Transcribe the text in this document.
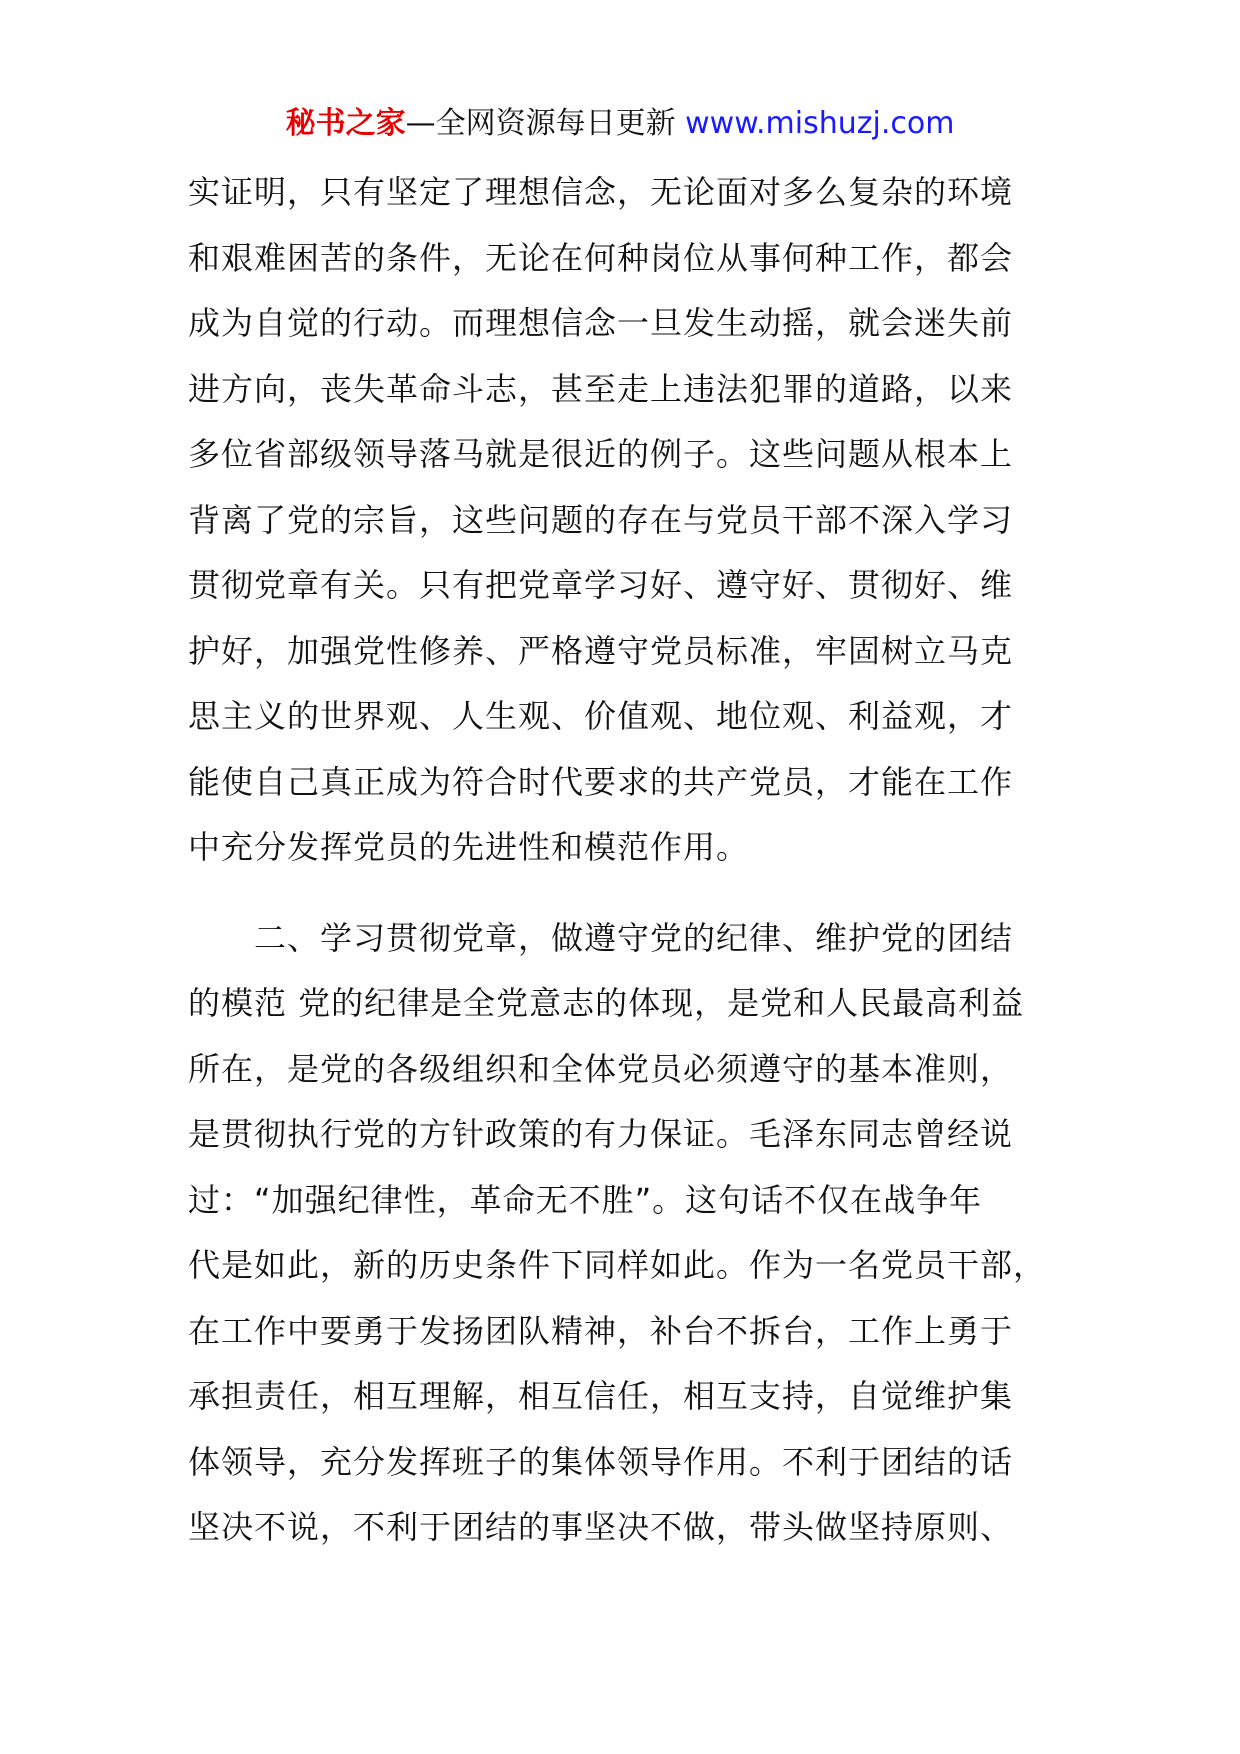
秘书之家—全网资源每日更新 www.mishuzj.com
实证明，只有坚定了理想信念，无论面对多么复杂的环境
和艰难困苦的条件，无论在何种岗位从事何种工作，都会
成为自觉的行动。而理想信念一旦发生动摇，就会迷失前
进方向，丧失革命斗志，甚至走上违法犯罪的道路，以来
多位省部级领导落马就是很近的例子。这些问题从根本上
背离了党的宗旨，这些问题的存在与党员干部不深入学习
贯彻党章有关。只有把党章学习好、遵守好、贯彻好、维
护好，加强党性修养、严格遵守党员标准，牢固树立马克
思主义的世界观、人生观、价值观、地位观、利益观，才
能使自己真正成为符合时代要求的共产党员，才能在工作
中充分发挥党员的先进性和模范作用。
二、学习贯彻党章，做遵守党的纪律、维护党的团结
的模范 党的纪律是全党意志的体现，是党和人民最高利益
所在，是党的各级组织和全体党员必须遵守的基本准则，
是贯彻执行党的方针政策的有力保证。毛泽东同志曾经说
过：“加强纪律性，革命无不胜”。这句话不仅在战争年
代是如此，新的历史条件下同样如此。作为一名党员干部，
在工作中要勇于发扬团队精神，补台不拆台，工作上勇于
承担责任，相互理解，相互信任，相互支持，自觉维护集
体领导，充分发挥班子的集体领导作用。不利于团结的话
坚决不说，不利于团结的事坚决不做，带头做坚持原则、
